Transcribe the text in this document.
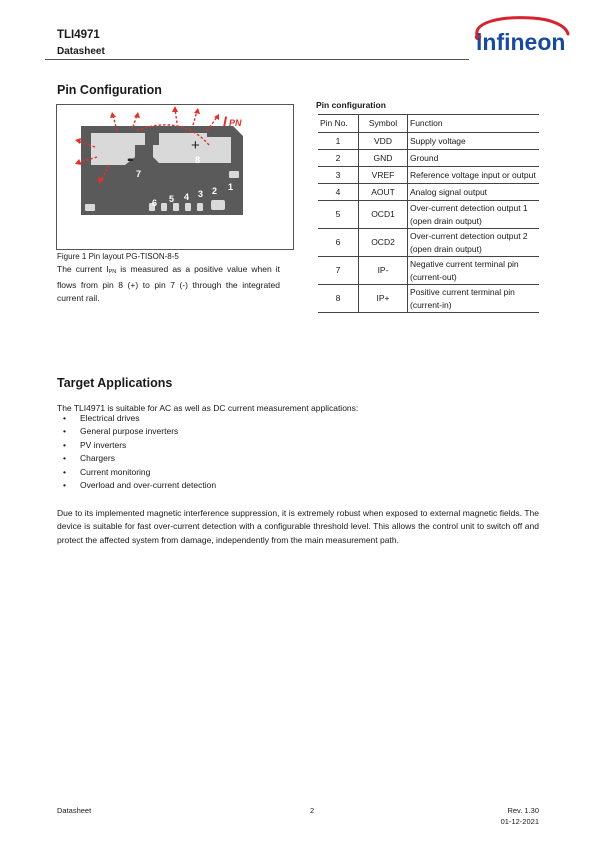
TLI4971
Datasheet	infineon
Pin Configuration
I PN
-
+
7
8
6 5 4 3 2 1
Figure 1 Pin layout PG-TISON-8-5
The current $I_{PN}$ is measured as a positive value when it flows from pin 8 (+) to pin 7 (-) through the integrated current rail.
Pin configuration
Pin No.	Symbol	Function
1	VDD	Supply voltage
2	GND	Ground
3	VREF	Reference voltage input or output
4	AOUT	Analog signal output
5	OCD1	Over-current detection output 1 (open drain output)
6	OCD2	Over-current detection output 2 (open drain output)
7	IP-	Negative current terminal pin (current-out)
8	IP+	Positive current terminal pin (current-in)
Target Applications
The TLI4971 is suitable for AC as well as DC current measurement applications:
• Electrical drives
• General purpose inverters
• PV inverters
• Chargers
• Current monitoring
• Overload and over-current detection
Due to its implemented magnetic interference suppression, it is extremely robust when exposed to external magnetic fields. The device is suitable for fast over-current detection with a configurable threshold level. This allows the control unit to switch off and protect the affected system from damage, independently from the main measurement path.
Datasheet	2	Rev. 1.30
01-12-2021
